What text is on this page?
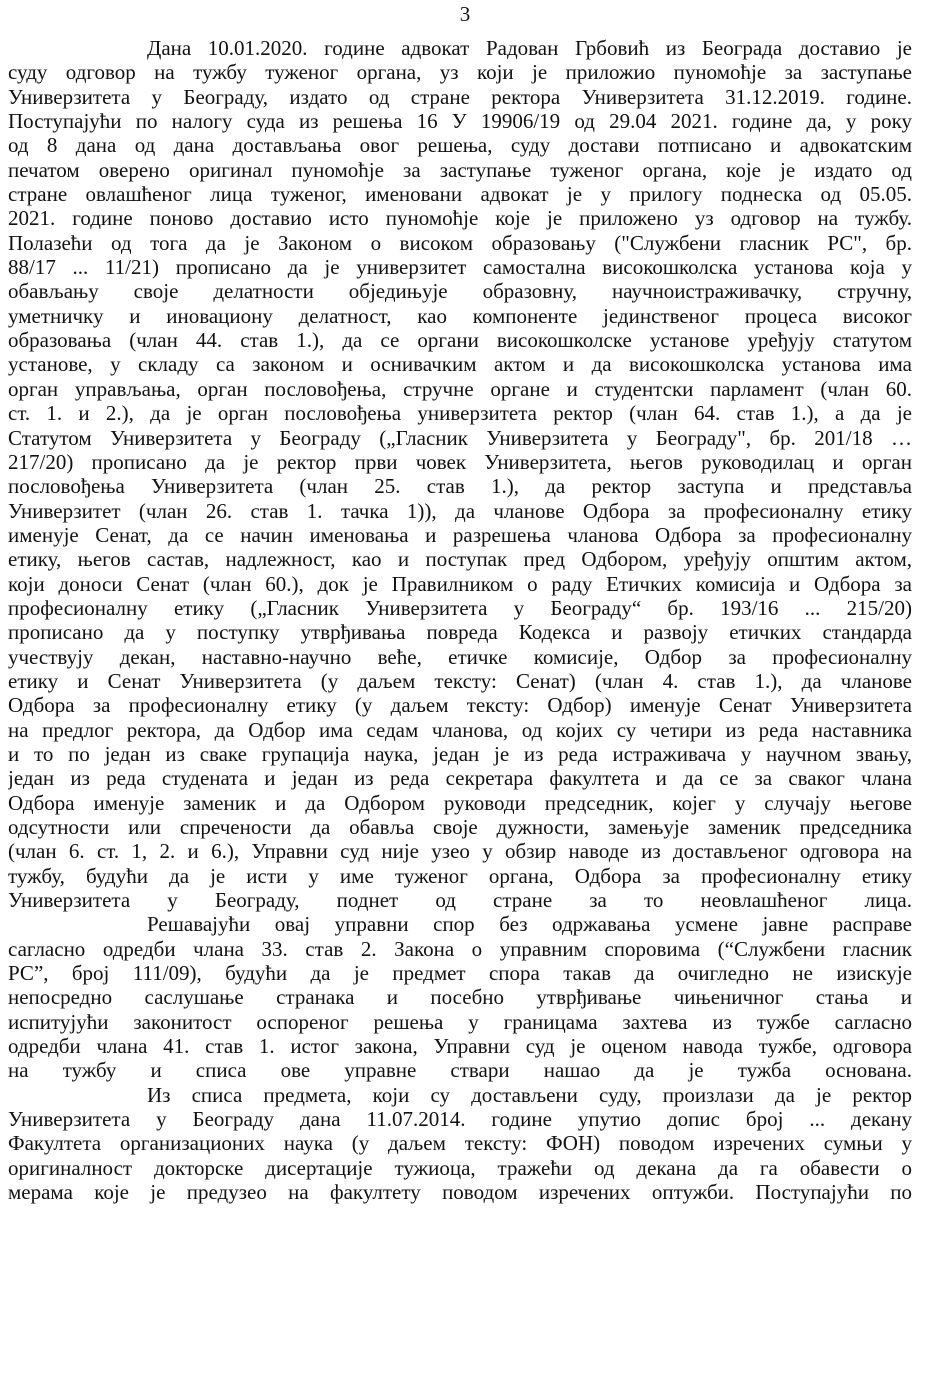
3
Дана 10.01.2020. године адвокат Радован Грбовић из Београда доставио је
суду одговор на тужбу туженог органа, уз који је приложио пуномоћје за заступање
Универзитета у Београду, издато од стране ректора Универзитета 31.12.2019. године.
Поступајући по налогу суда из решења 16 У 19906/19 од 29.04 2021. године да, у року
од 8 дана од дана достављања овог решења, суду достави потписано и адвокатским
печатом оверено оригинал пуномоћје за заступање туженог органа, које је издато од
стране овлашћеног лица туженог, именовани адвокат је у прилогу поднеска од 05.05.
2021. године поново доставио исто пуномоћје које је приложено уз одговор на тужбу.
Полазећи од тога да је Законом о високом образовању ("Службени гласник РС", бр.
88/17 ... 11/21) прописано да је универзитет самостална високошколска установа која у
обављању своје делатности обједињује образовну, научноистраживачку, стручну,
уметничку и иновациону делатност, као компоненте јединственог процеса високог
образовања (члан 44. став 1.), да се органи високошколске установе уређују статутом
установе, у складу са законом и оснивачким актом и да високошколска установа има
орган управљања, орган пословођења, стручне органе и студентски парламент (члан 60.
ст. 1. и 2.), да је орган пословођења универзитета ректор (члан 64. став 1.), а да је
Статутом Универзитета у Београду („Гласник Универзитета у Београду", бр. 201/18 …
217/20) прописано да је ректор први човек Универзитета, његов руководилац и орган
пословођења Универзитета (члан 25. став 1.), да ректор заступа и представља
Универзитет (члан 26. став 1. тачка 1)), да чланове Одбора за професионалну етику
именује Сенат, да се начин именовања и разрешења чланова Одбора за професионалну
етику, његов састав, надлежност, као и поступак пред Одбором, уређују општим актом,
који доноси Сенат (члан 60.), док је Правилником о раду Етичких комисија и Одбора за
професионалну етику („Гласник Универзитета у Београду“ бр. 193/16 ... 215/20)
прописано да у поступку утврђивања повреда Кодекса и развоју етичких стандарда
учествују декан, наставно-научно веће, етичке комисије, Одбор за професионалну
етику и Сенат Универзитета (у даљем тексту: Сенат) (члан 4. став 1.), да чланове
Одбора за професионалну етику (у даљем тексту: Одбор) именује Сенат Универзитета
на предлог ректора, да Одбор има седам чланова, од којих су четири из реда наставника
и то по један из сваке групација наука, један је из реда истраживача у научном звању,
један из реда студената и један из реда секретара факултета и да се за сваког члана
Одбора именује заменик и да Одбором руководи председник, којег у случају његове
одсутности или спречености да обавља своје дужности, замењује заменик председника
(члан 6. ст. 1, 2. и 6.), Управни суд није узео у обзир наводе из достављеног одговора на
тужбу, будући да је исти у име туженог органа, Одбора за професионалну етику
Универзитета у Београду, поднет од стране за то неовлашћеног лица.
Решавајући овај управни спор без одржавања усмене јавне расправе
сагласно одредби члана 33. став 2. Закона о управним споровима (“Службени гласник
РС”, број 111/09), будући да је предмет спора такав да очигледно не изискује
непосредно саслушање странака и посебно утврђивање чињеничног стања и
испитујући законитост оспореног решења у границама захтева из тужбе сагласно
одредби члана 41. став 1. истог закона, Управни суд је оценом навода тужбе, одговора
на тужбу и списа ове управне ствари нашао да је тужба основана.
Из списа предмета, који су достављени суду, произлази да је ректор
Универзитета у Београду дана 11.07.2014. године упутио допис број ... декану
Факултета организационих наука (у даљем тексту: ФОН) поводом изречених сумњи у
оригиналност докторске дисертације тужиоца, тражећи од декана да га обавести о
мерама које је предузео на факултету поводом изречених оптужби. Поступајући по
